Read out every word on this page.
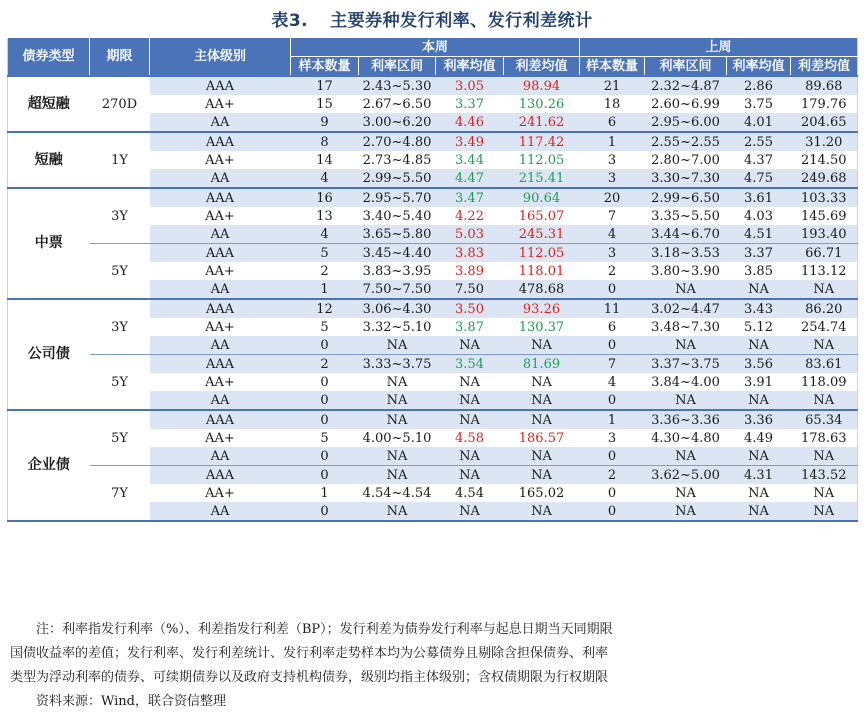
表3. 主要券种发行利率、发行利差统计
债券类型	期限	主体级别	本周				上周			
			样本数量	利率区间	利率均值	利差均值	样本数量	利率区间	利率均值	利差均值
超短融	270D	AAA	17	2.43~5.30	3.05	98.94	21	2.32~4.87	2.86	89.68
		AA+	15	2.67~6.50	3.37	130.26	18	2.60~6.99	3.75	179.76
		AA	9	3.00~6.20	4.46	241.62	6	2.95~6.00	4.01	204.65
短融	1Y	AAA	8	2.70~4.80	3.49	117.42	1	2.55~2.55	2.55	31.20
		AA+	14	2.73~4.85	3.44	112.05	3	2.80~7.00	4.37	214.50
		AA	4	2.99~5.50	4.47	215.41	3	3.30~7.30	4.75	249.68
中票	3Y	AAA	16	2.95~5.70	3.47	90.64	20	2.99~6.50	3.61	103.33
		AA+	13	3.40~5.40	4.22	165.07	7	3.35~5.50	4.03	145.69
		AA	4	3.65~5.80	5.03	245.31	4	3.44~6.70	4.51	193.40
	5Y	AAA	5	3.45~4.40	3.83	112.05	3	3.18~3.53	3.37	66.71
		AA+	2	3.83~3.95	3.89	118.01	2	3.80~3.90	3.85	113.12
		AA	1	7.50~7.50	7.50	478.68	0	NA	NA	NA
公司债	3Y	AAA	12	3.06~4.30	3.50	93.26	11	3.02~4.47	3.43	86.20
		AA+	5	3.32~5.10	3.87	130.37	6	3.48~7.30	5.12	254.74
		AA	0	NA	NA	NA	0	NA	NA	NA
	5Y	AAA	2	3.33~3.75	3.54	81.69	7	3.37~3.75	3.56	83.61
		AA+	0	NA	NA	NA	4	3.84~4.00	3.91	118.09
		AA	0	NA	NA	NA	0	NA	NA	NA
企业债	5Y	AAA	0	NA	NA	NA	1	3.36~3.36	3.36	65.34
		AA+	5	4.00~5.10	4.58	186.57	3	4.30~4.80	4.49	178.63
		AA	0	NA	NA	NA	0	NA	NA	NA
	7Y	AAA	0	NA	NA	NA	2	3.62~5.00	4.31	143.52
		AA+	1	4.54~4.54	4.54	165.02	0	NA	NA	NA
		AA	0	NA	NA	NA	0	NA	NA	NA
注：利率指发行利率（%）、利差指发行利差（BP）；发行利差为债券发行利率与起息日期当天同期限
国债收益率的差值；发行利率、发行利差统计、发行利率走势样本均为公募债券且剔除含担保债券、利率
类型为浮动利率的债券、可续期债券以及政府支持机构债券，级别均指主体级别；含权债期限为行权期限
资料来源：Wind，联合资信整理
